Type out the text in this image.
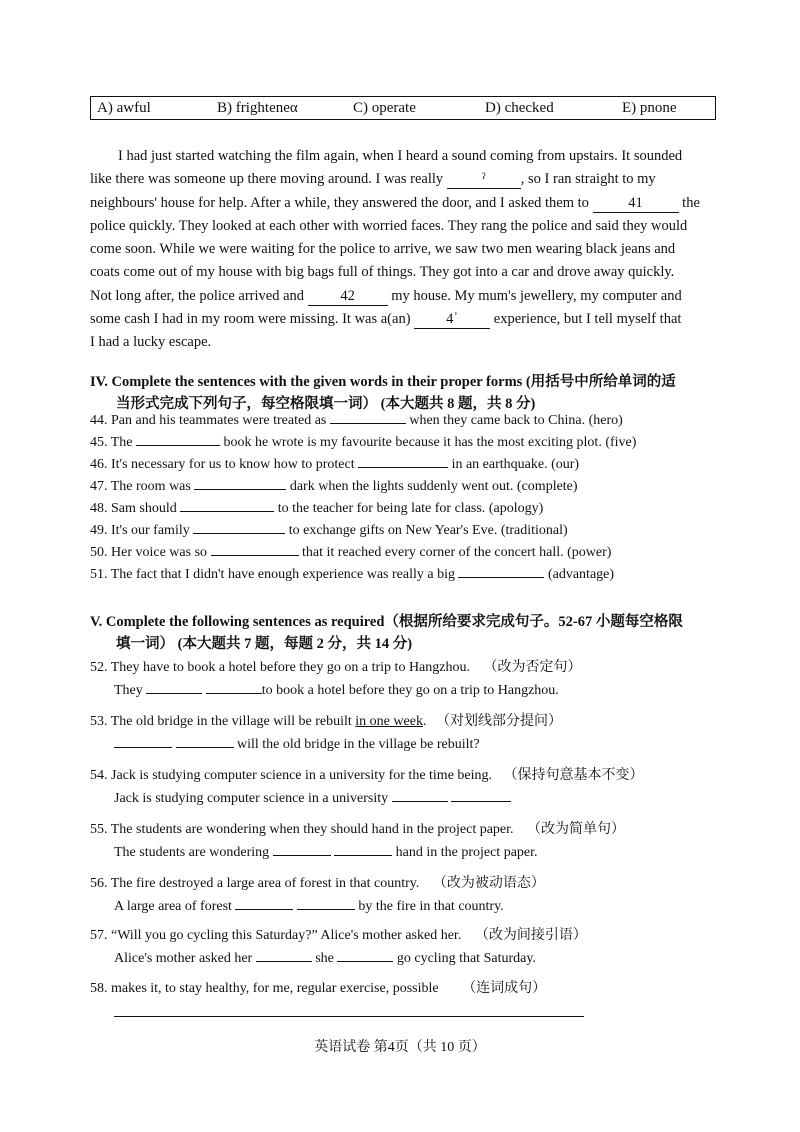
A) awful	B) frighteneα	C) operate	D) checked	E) pnone

I had just started watching the film again, when I heard a sound coming from upstairs. It sounded

like there was someone up there moving around. I was really	ˀ , so I ran straight to my

neighbours' house for help. After a while, they answered the door, and I asked them to	41	the

police quickly. They looked at each other with worried faces. They rang the police and said they would

come soon. While we were waiting for the police to arrive, we saw two men wearing black jeans and

coats come out of my house with big bags full of things. They got into a car and drove away quickly.

Not long after, the police arrived and	42	my house. My mum's jewellery, my computer and

some cash I had in my room were missing. It was a(an) 4ʾ experience, but I tell myself that

I had a lucky escape.

IV. Complete the sentences with the given words in their proper forms (用括号中所给单词的适
当形式完成下列句子，每空格限填一词） (本大题共 8 题，共 8 分)
44. Pan and his teammates were treated as	when they came back to China. (hero)
45. The	book he wrote is my favourite because it has the most exciting plot. (five)
46. It's necessary for us to know how to protect	in an earthquake. (our)
47. The room was	dark when the lights suddenly went out. (complete)
48. Sam should	to the teacher for being late for class. (apology)
49. It's our family	to exchange gifts on New Year's Eve. (traditional)
50. Her voice was so	that it reached every corner of the concert hall. (power)
51. The fact that I didn't have enough experience was really a big	(advantage)
V. Complete the following sentences as required（根据所给要求完成句子。52-67 小题每空格限
填一词） (本大题共 7 题，每题 2 分，共 14 分)
52. They have to book a hotel before they go on a trip to Hangzhou. （改为否定句）
They	to book a hotel before they go on a trip to Hangzhou.
53. The old bridge in the village will be rebuilt in one week. （对划线部分提问）
will the old bridge in the village be rebuilt?
54. Jack is studying computer science in a university for the time being. （保持句意基本不变）
Jack is studying computer science in a university
55. The students are wondering when they should hand in the project paper. （改为简单句）
The students are wondering	hand in the project paper.
56. The fire destroyed a large area of forest in that country. （改为被动语态）
A large area of forest	by the fire in that country.
57. “Will you go cycling this Saturday?” Alice's mother asked her. （改为间接引语）
Alice's mother asked her	she	go cycling that Saturday.
58. makes it, to stay healthy, for me, regular exercise, possible （连词成句）
英语试卷 第4页（共 10 页）
